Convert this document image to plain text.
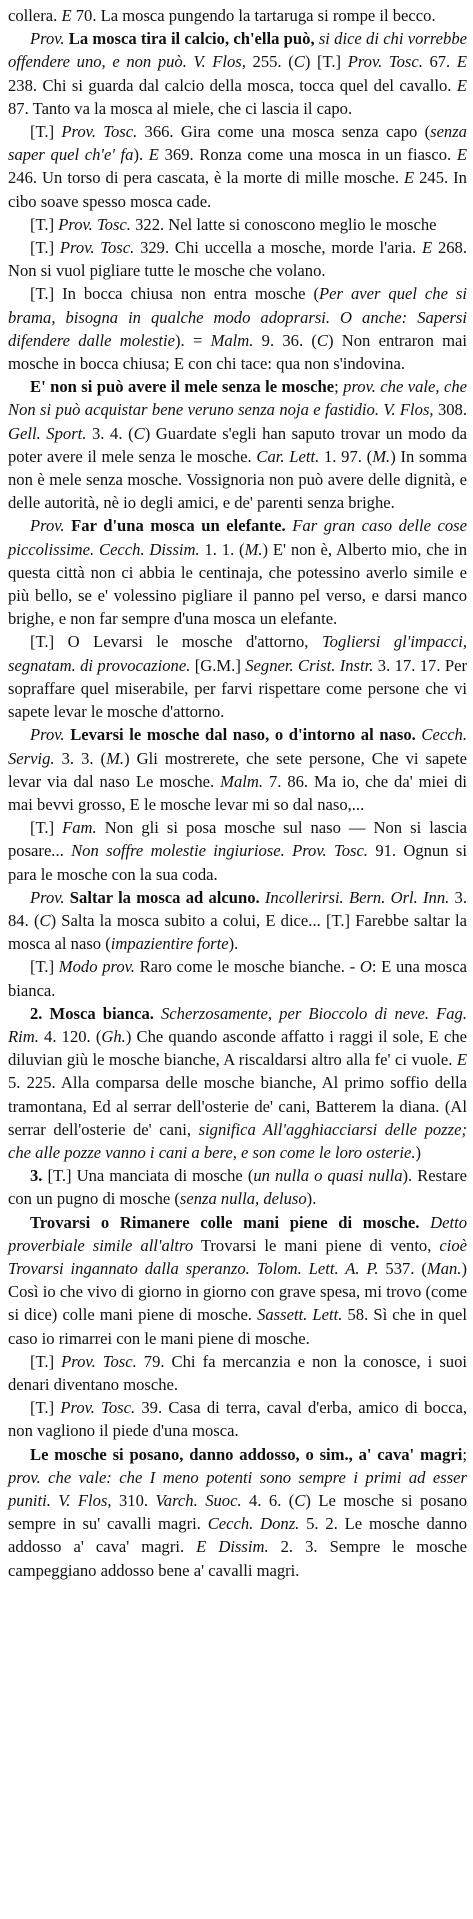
collera. E 70. La mosca pungendo la tartaruga si rompe il becco.

Prov. La mosca tira il calcio, ch'ella può, si dice di chi vorrebbe offendere uno, e non può. V. Flos, 255. (C) [T.] Prov. Tosc. 67. E 238. Chi si guarda dal calcio della mosca, tocca quel del cavallo. E 87. Tanto va la mosca al miele, che ci lascia il capo.

[T.] Prov. Tosc. 366. Gira come una mosca senza capo (senza saper quel ch'e' fa). E 369. Ronza come una mosca in un fiasco. E 246. Un torso di pera cascata, è la morte di mille mosche. E 245. In cibo soave spesso mosca cade.

[T.] Prov. Tosc. 322. Nel latte si conoscono meglio le mosche

[T.] Prov. Tosc. 329. Chi uccella a mosche, morde l'aria. E 268. Non si vuol pigliare tutte le mosche che volano.

[T.] In bocca chiusa non entra mosche (Per aver quel che si brama, bisogna in qualche modo adoprarsi. O anche: Sapersi difendere dalle molestie). = Malm. 9. 36. (C) Non entraron mai mosche in bocca chiusa; E con chi tace: qua non s'indovina.

E' non si può avere il mele senza le mosche; prov. che vale, che Non si può acquistar bene veruno senza noja e fastidio. V. Flos, 308. Gell. Sport. 3. 4. (C) Guardate s'egli han saputo trovar un modo da poter avere il mele senza le mosche. Car. Lett. 1. 97. (M.) In somma non è mele senza mosche. Vossignoria non può avere delle dignità, e delle autorità, nè io degli amici, e de' parenti senza brighe.

Prov. Far d'una mosca un elefante. Far gran caso delle cose piccolissime. Cecch. Dissim. 1. 1. (M.) E' non è, Alberto mio, che in questa città non ci abbia le centinaja, che potessino averlo simile e più bello, se e' volessino pigliare il panno pel verso, e darsi manco brighe, e non far sempre d'una mosca un elefante.

[T.] O Levarsi le mosche d'attorno, Togliersi gl'impacci, segnatam. di provocazione. [G.M.] Segner. Crist. Instr. 3. 17. 17. Per sopraffare quel miserabile, per farvi rispettare come persone che vi sapete levar le mosche d'attorno.

Prov. Levarsi le mosche dal naso, o d'intorno al naso. Cecch. Servig. 3. 3. (M.) Gli mostrerete, che sete persone, Che vi sapete levar via dal naso Le mosche. Malm. 7. 86. Ma io, che da' miei di mai bevvi grosso, E le mosche levar mi so dal naso,...

[T.] Fam. Non gli si posa mosche sul naso — Non si lascia posare... Non soffre molestie ingiuriose. Prov. Tosc. 91. Ognun si para le mosche con la sua coda.

Prov. Saltar la mosca ad alcuno. Incollerirsi. Bern. Orl. Inn. 3. 84. (C) Salta la mosca subito a colui, E dice... [T.] Farebbe saltar la mosca al naso (impazientire forte).

[T.] Modo prov. Raro come le mosche bianche. - O: E una mosca bianca.

2. Mosca bianca. Scherzosamente, per Bioccolo di neve. Fag. Rim. 4. 120. (Gh.) Che quando asconde affatto i raggi il sole, E che diluvian giù le mosche bianche, A riscaldarsi altro alla fe' ci vuole. E 5. 225. Alla comparsa delle mosche bianche, Al primo soffio della tramontana, Ed al serrar dell'osterie de' cani, Batterem la diana. (Al serrar dell'osterie de' cani, significa All'agghiacciarsi delle pozze; che alle pozze vanno i cani a bere, e son come le loro osterie.)

3. [T.] Una manciata di mosche (un nulla o quasi nulla). Restare con un pugno di mosche (senza nulla, deluso).

Trovarsi o Rimanere colle mani piene di mosche. Detto proverbiale simile all'altro Trovarsi le mani piene di vento, cioè Trovarsi ingannato dalla speranzo. Tolom. Lett. A. P. 537. (Man.) Così io che vivo di giorno in giorno con grave spesa, mi trovo (come si dice) colle mani piene di mosche. Sassett. Lett. 58. Sì che in quel caso io rimarrei con le mani piene di mosche.

[T.] Prov. Tosc. 79. Chi fa mercanzia e non la conosce, i suoi denari diventano mosche.

[T.] Prov. Tosc. 39. Casa di terra, caval d'erba, amico di bocca, non vagliono il piede d'una mosca.

Le mosche si posano, danno addosso, o sim., a' cava' magri; prov. che vale: che I meno potenti sono sempre i primi ad esser puniti. V. Flos, 310. Varch. Suoc. 4. 6. (C) Le mosche si posano sempre in su' cavalli magri. Cecch. Donz. 5. 2. Le mosche danno addosso a' cava' magri. E Dissim. 2. 3. Sempre le mosche campeggiano addosso bene a' cavalli magri.
